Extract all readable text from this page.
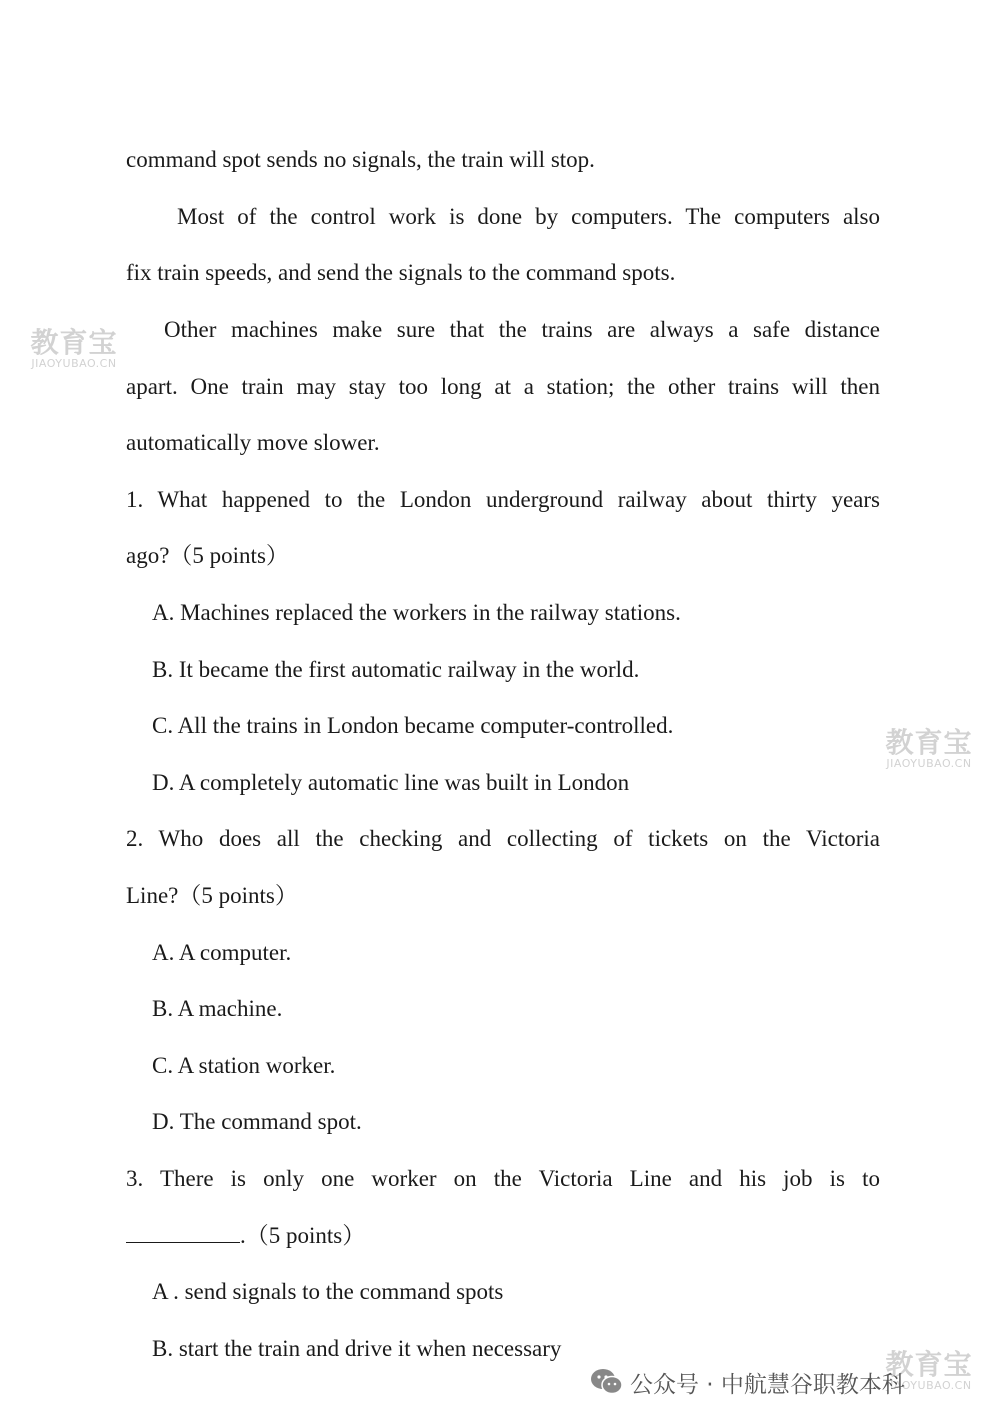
教育宝
JIAOYUBAO.CN
教育宝
JIAOYUBAO.CN
教育宝
JIAOYUBAO.CN
command spot sends no signals, the train will stop.
Most of the control work is done by computers. The computers also
fix train speeds, and send the signals to the command spots.
Other machines make sure that the trains are always a safe distance
apart. One train may stay too long at a station; the other trains will then
automatically move slower.
1. What happened to the London underground railway about thirty years
ago?（5 points）
A. Machines replaced the workers in the railway stations.
B. It became the first automatic railway in the world.
C. All the trains in London became computer-controlled.
D. A completely automatic line was built in London
2. Who does all the checking and collecting of tickets on the Victoria
Line?（5 points）
A. A computer.
B. A machine.
C. A station worker.
D. The command spot.
3. There is only one worker on the Victoria Line and his job is to
.（5 points）
A . send signals to the command spots
B. start the train and drive it when necessary
公众号 · 中航慧谷职教本科
